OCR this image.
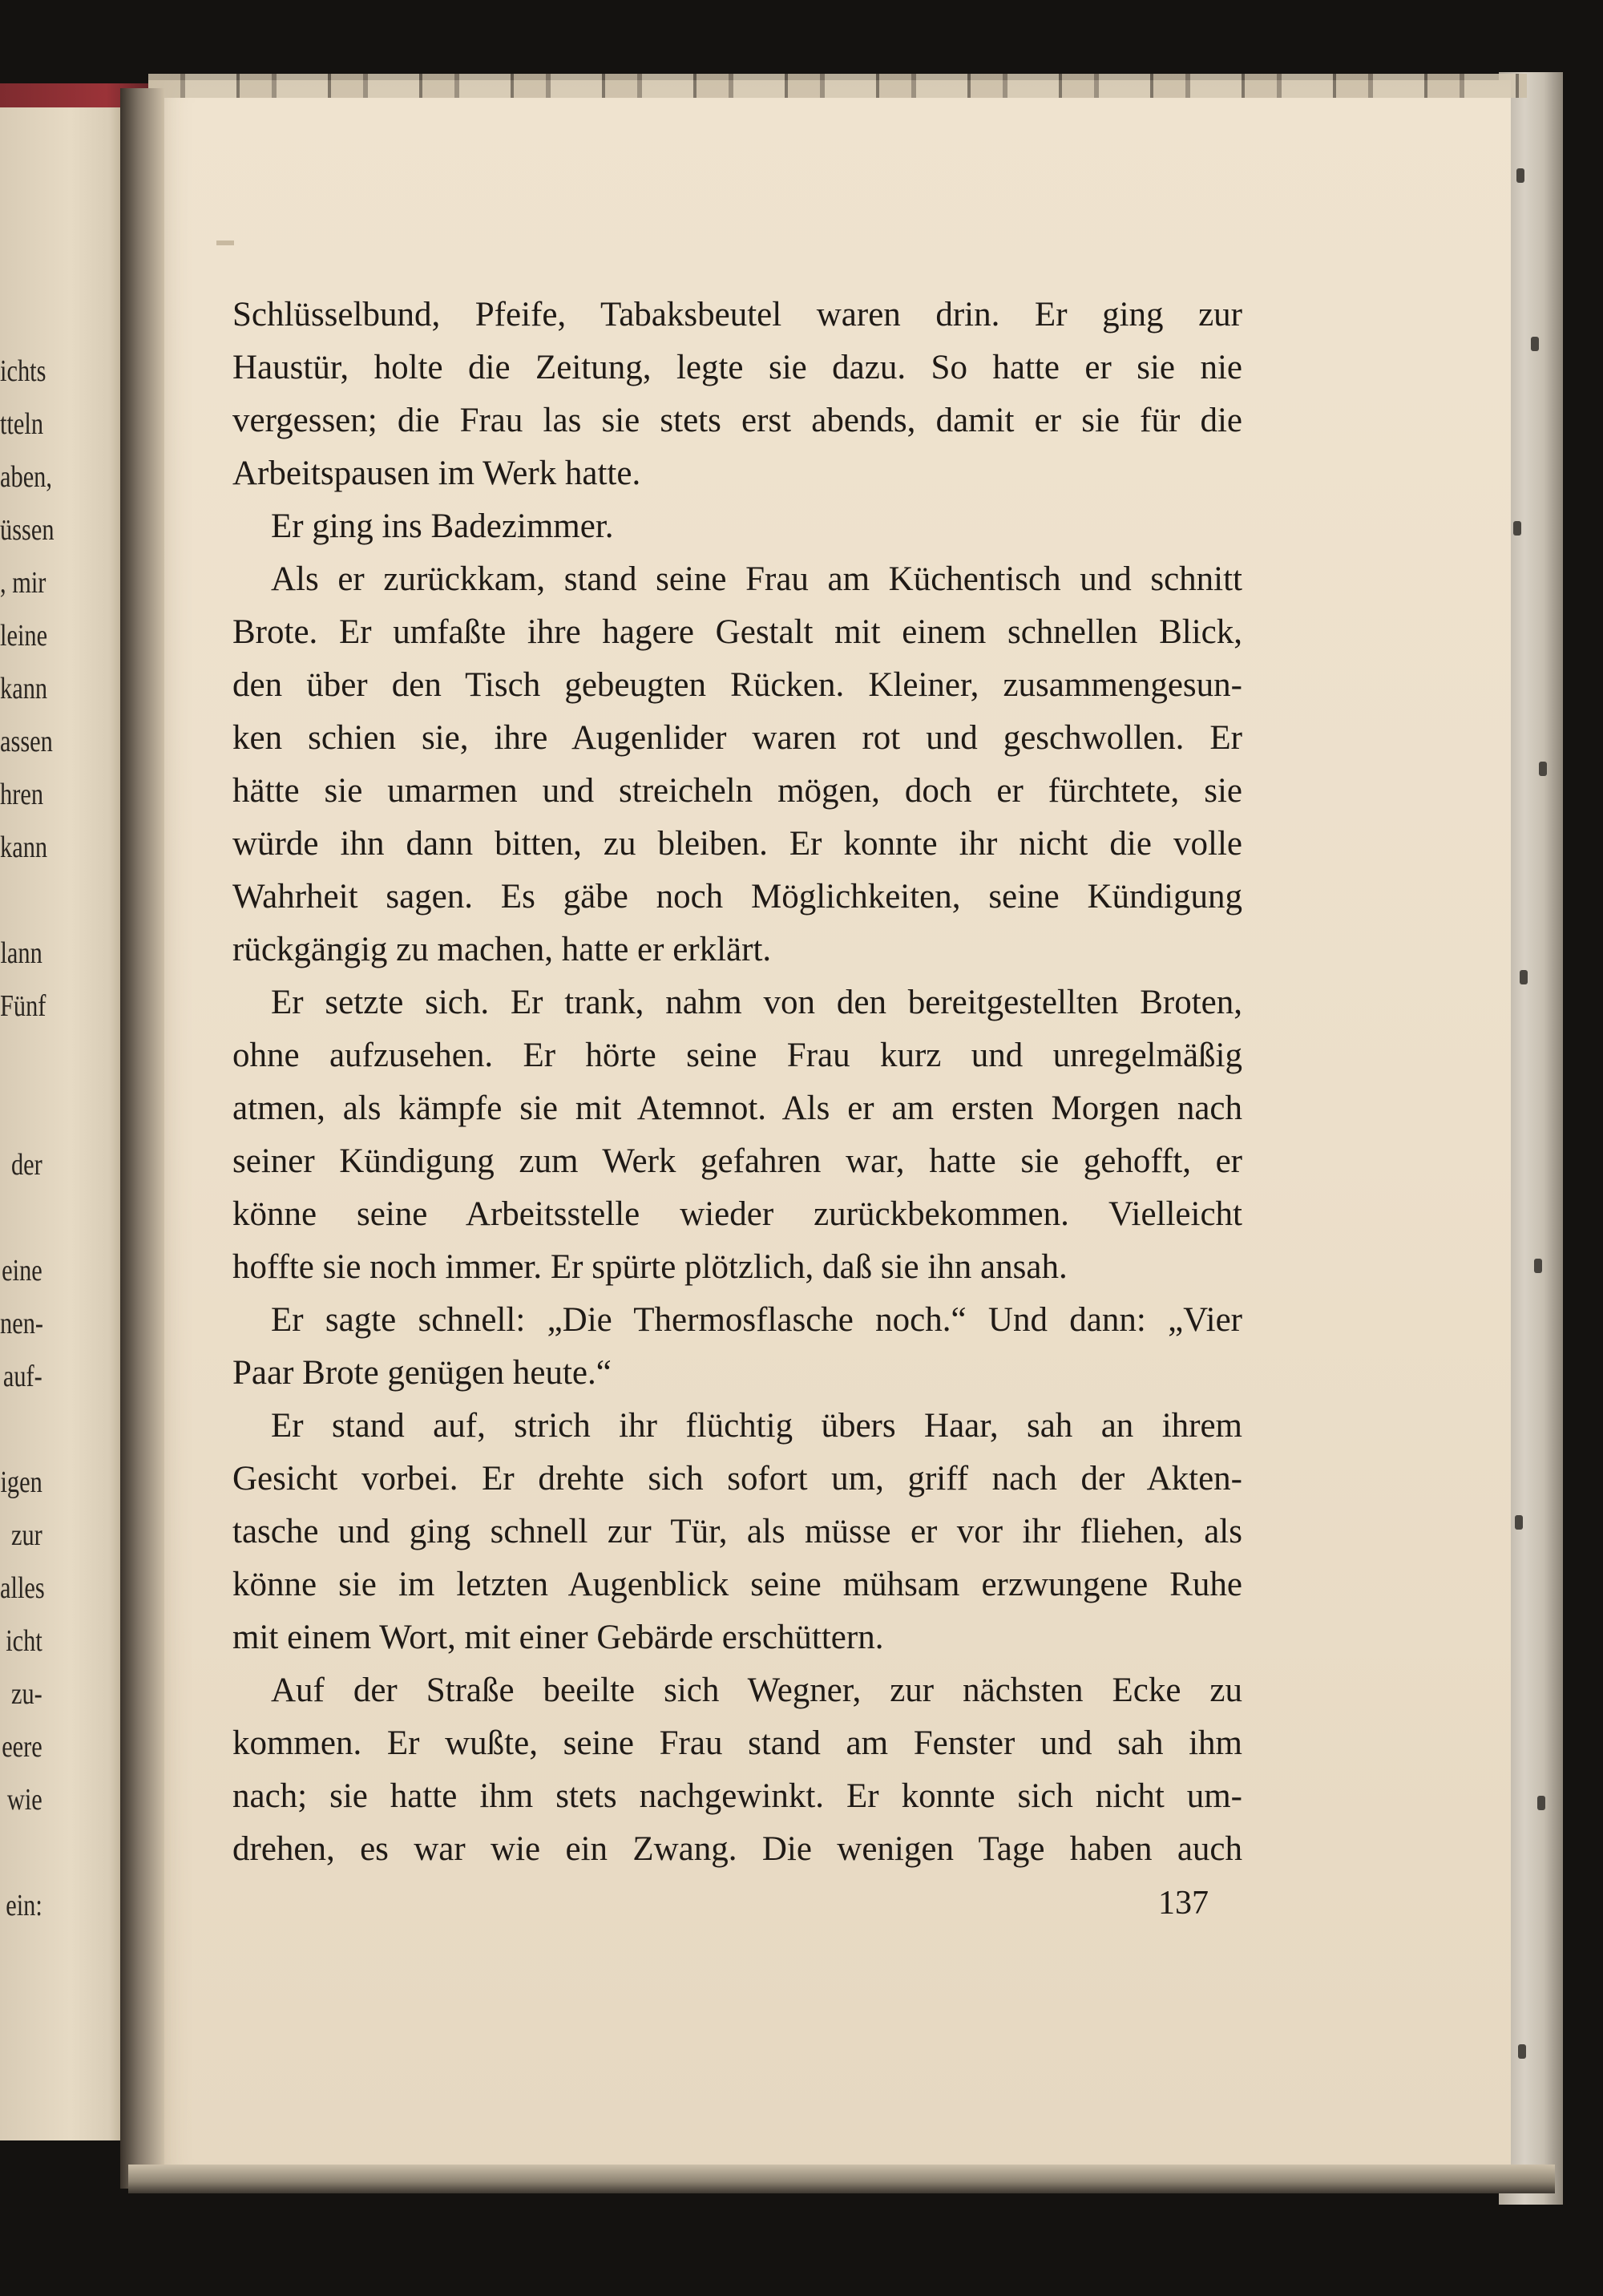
ichts
tteln
aben,
üssen
, mir
leine
kann
assen
hren
kann
lann
Fünf
der
eine
nen-
auf-
igen
zur
alles
icht
zu-
eere
wie
ein:
Schlüsselbund, Pfeife, Tabaksbeutel waren drin. Er ging zur
Haustür, holte die Zeitung, legte sie dazu. So hatte er sie nie
vergessen; die Frau las sie stets erst abends, damit er sie für die
Arbeitspausen im Werk hatte.
Er ging ins Badezimmer.
Als er zurückkam, stand seine Frau am Küchentisch und schnitt
Brote. Er umfaßte ihre hagere Gestalt mit einem schnellen Blick,
den über den Tisch gebeugten Rücken. Kleiner, zusammengesun-
ken schien sie, ihre Augenlider waren rot und geschwollen. Er
hätte sie umarmen und streicheln mögen, doch er fürchtete, sie
würde ihn dann bitten, zu bleiben. Er konnte ihr nicht die volle
Wahrheit sagen. Es gäbe noch Möglichkeiten, seine Kündigung
rückgängig zu machen, hatte er erklärt.
Er setzte sich. Er trank, nahm von den bereitgestellten Broten,
ohne aufzusehen. Er hörte seine Frau kurz und unregelmäßig
atmen, als kämpfe sie mit Atemnot. Als er am ersten Morgen nach
seiner Kündigung zum Werk gefahren war, hatte sie gehofft, er
könne seine Arbeitsstelle wieder zurückbekommen. Vielleicht
hoffte sie noch immer. Er spürte plötzlich, daß sie ihn ansah.
Er sagte schnell: „Die Thermosflasche noch.“ Und dann: „Vier
Paar Brote genügen heute.“
Er stand auf, strich ihr flüchtig übers Haar, sah an ihrem
Gesicht vorbei. Er drehte sich sofort um, griff nach der Akten-
tasche und ging schnell zur Tür, als müsse er vor ihr fliehen, als
könne sie im letzten Augenblick seine mühsam erzwungene Ruhe
mit einem Wort, mit einer Gebärde erschüttern.
Auf der Straße beeilte sich Wegner, zur nächsten Ecke zu
kommen. Er wußte, seine Frau stand am Fenster und sah ihm
nach; sie hatte ihm stets nachgewinkt. Er konnte sich nicht um-
drehen, es war wie ein Zwang. Die wenigen Tage haben auch
137
